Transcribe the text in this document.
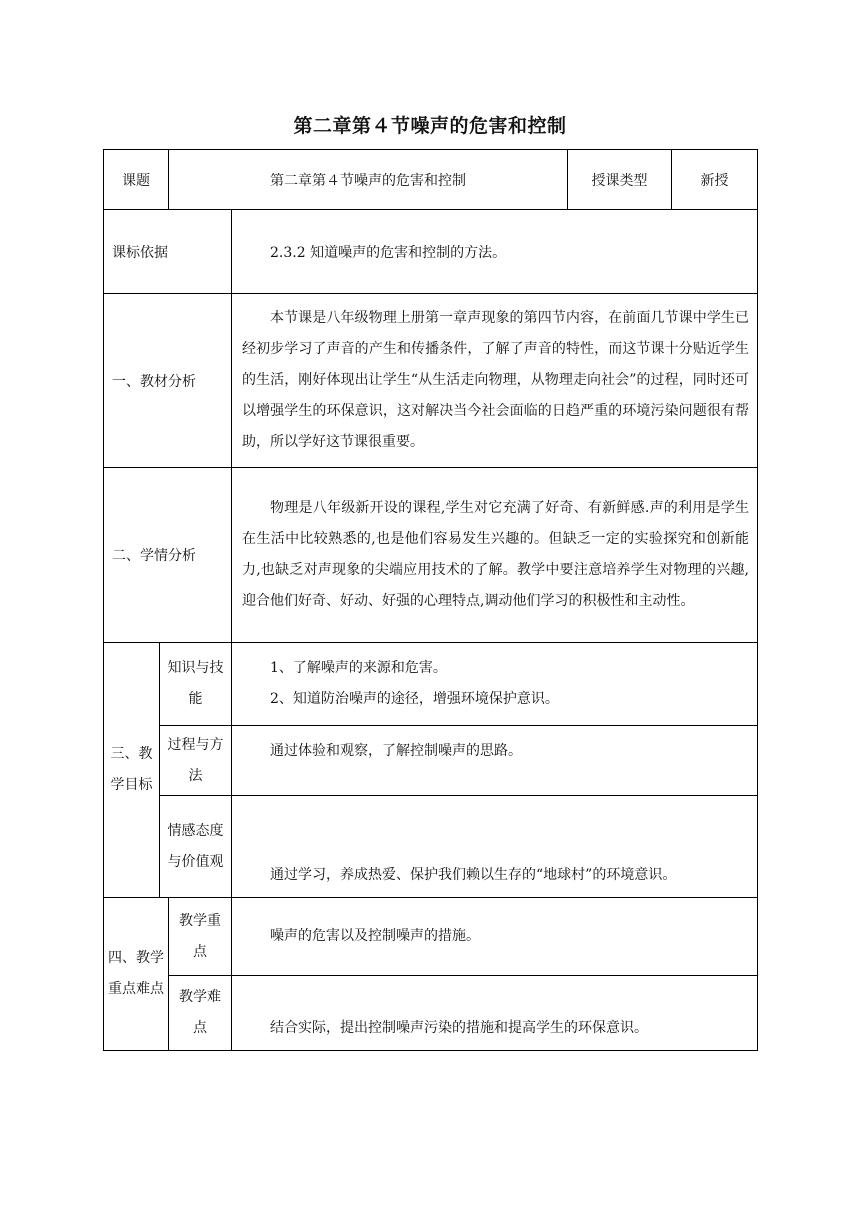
第二章第４节噪声的危害和控制
课题		第二章第４节噪声的危害和控制		授课类型	新授
课标依据			2.3.2 知道噪声的危害和控制的方法。		
一、教材分析			本节课是八年级物理上册第一章声现象的第四节内容，在前面几节课中学生已经初步学习了声音的产生和传播条件，了解了声音的特性，而这节课十分贴近学生的生活，刚好体现出让学生“从生活走向物理，从物理走向社会”的过程，同时还可以增强学生的环保意识，这对解决当今社会面临的日趋严重的环境污染问题很有帮助，所以学好这节课很重要。		

二、学情分析			物理是八年级新开设的课程,学生对它充满了好奇、有新鲜感.声的利用是学生在生活中比较熟悉的,也是他们容易发生兴趣的。但缺乏一定的实验探究和创新能力,也缺乏对声现象的尖端应用技术的了解。教学中要注意培养学生对物理的兴趣,迎合他们好奇、好动、好强的心理特点,调动他们学习的积极性和主动性。		

三、教学目标	知识与技能		1、了解噪声的来源和危害。
2、知道防治噪声的途径，增强环境保护意识。		

	过程与方法		通过体验和观察，了解控制噪声的思路。		
	情感态度与价值观		通过学习，养成热爱、保护我们赖以生存的“地球村”的环境意识。		
四、教学重点难点		教学重点	噪声的危害以及控制噪声的措施。		
		教学难点	结合实际，提出控制噪声污染的措施和提高学生的环保意识。		
